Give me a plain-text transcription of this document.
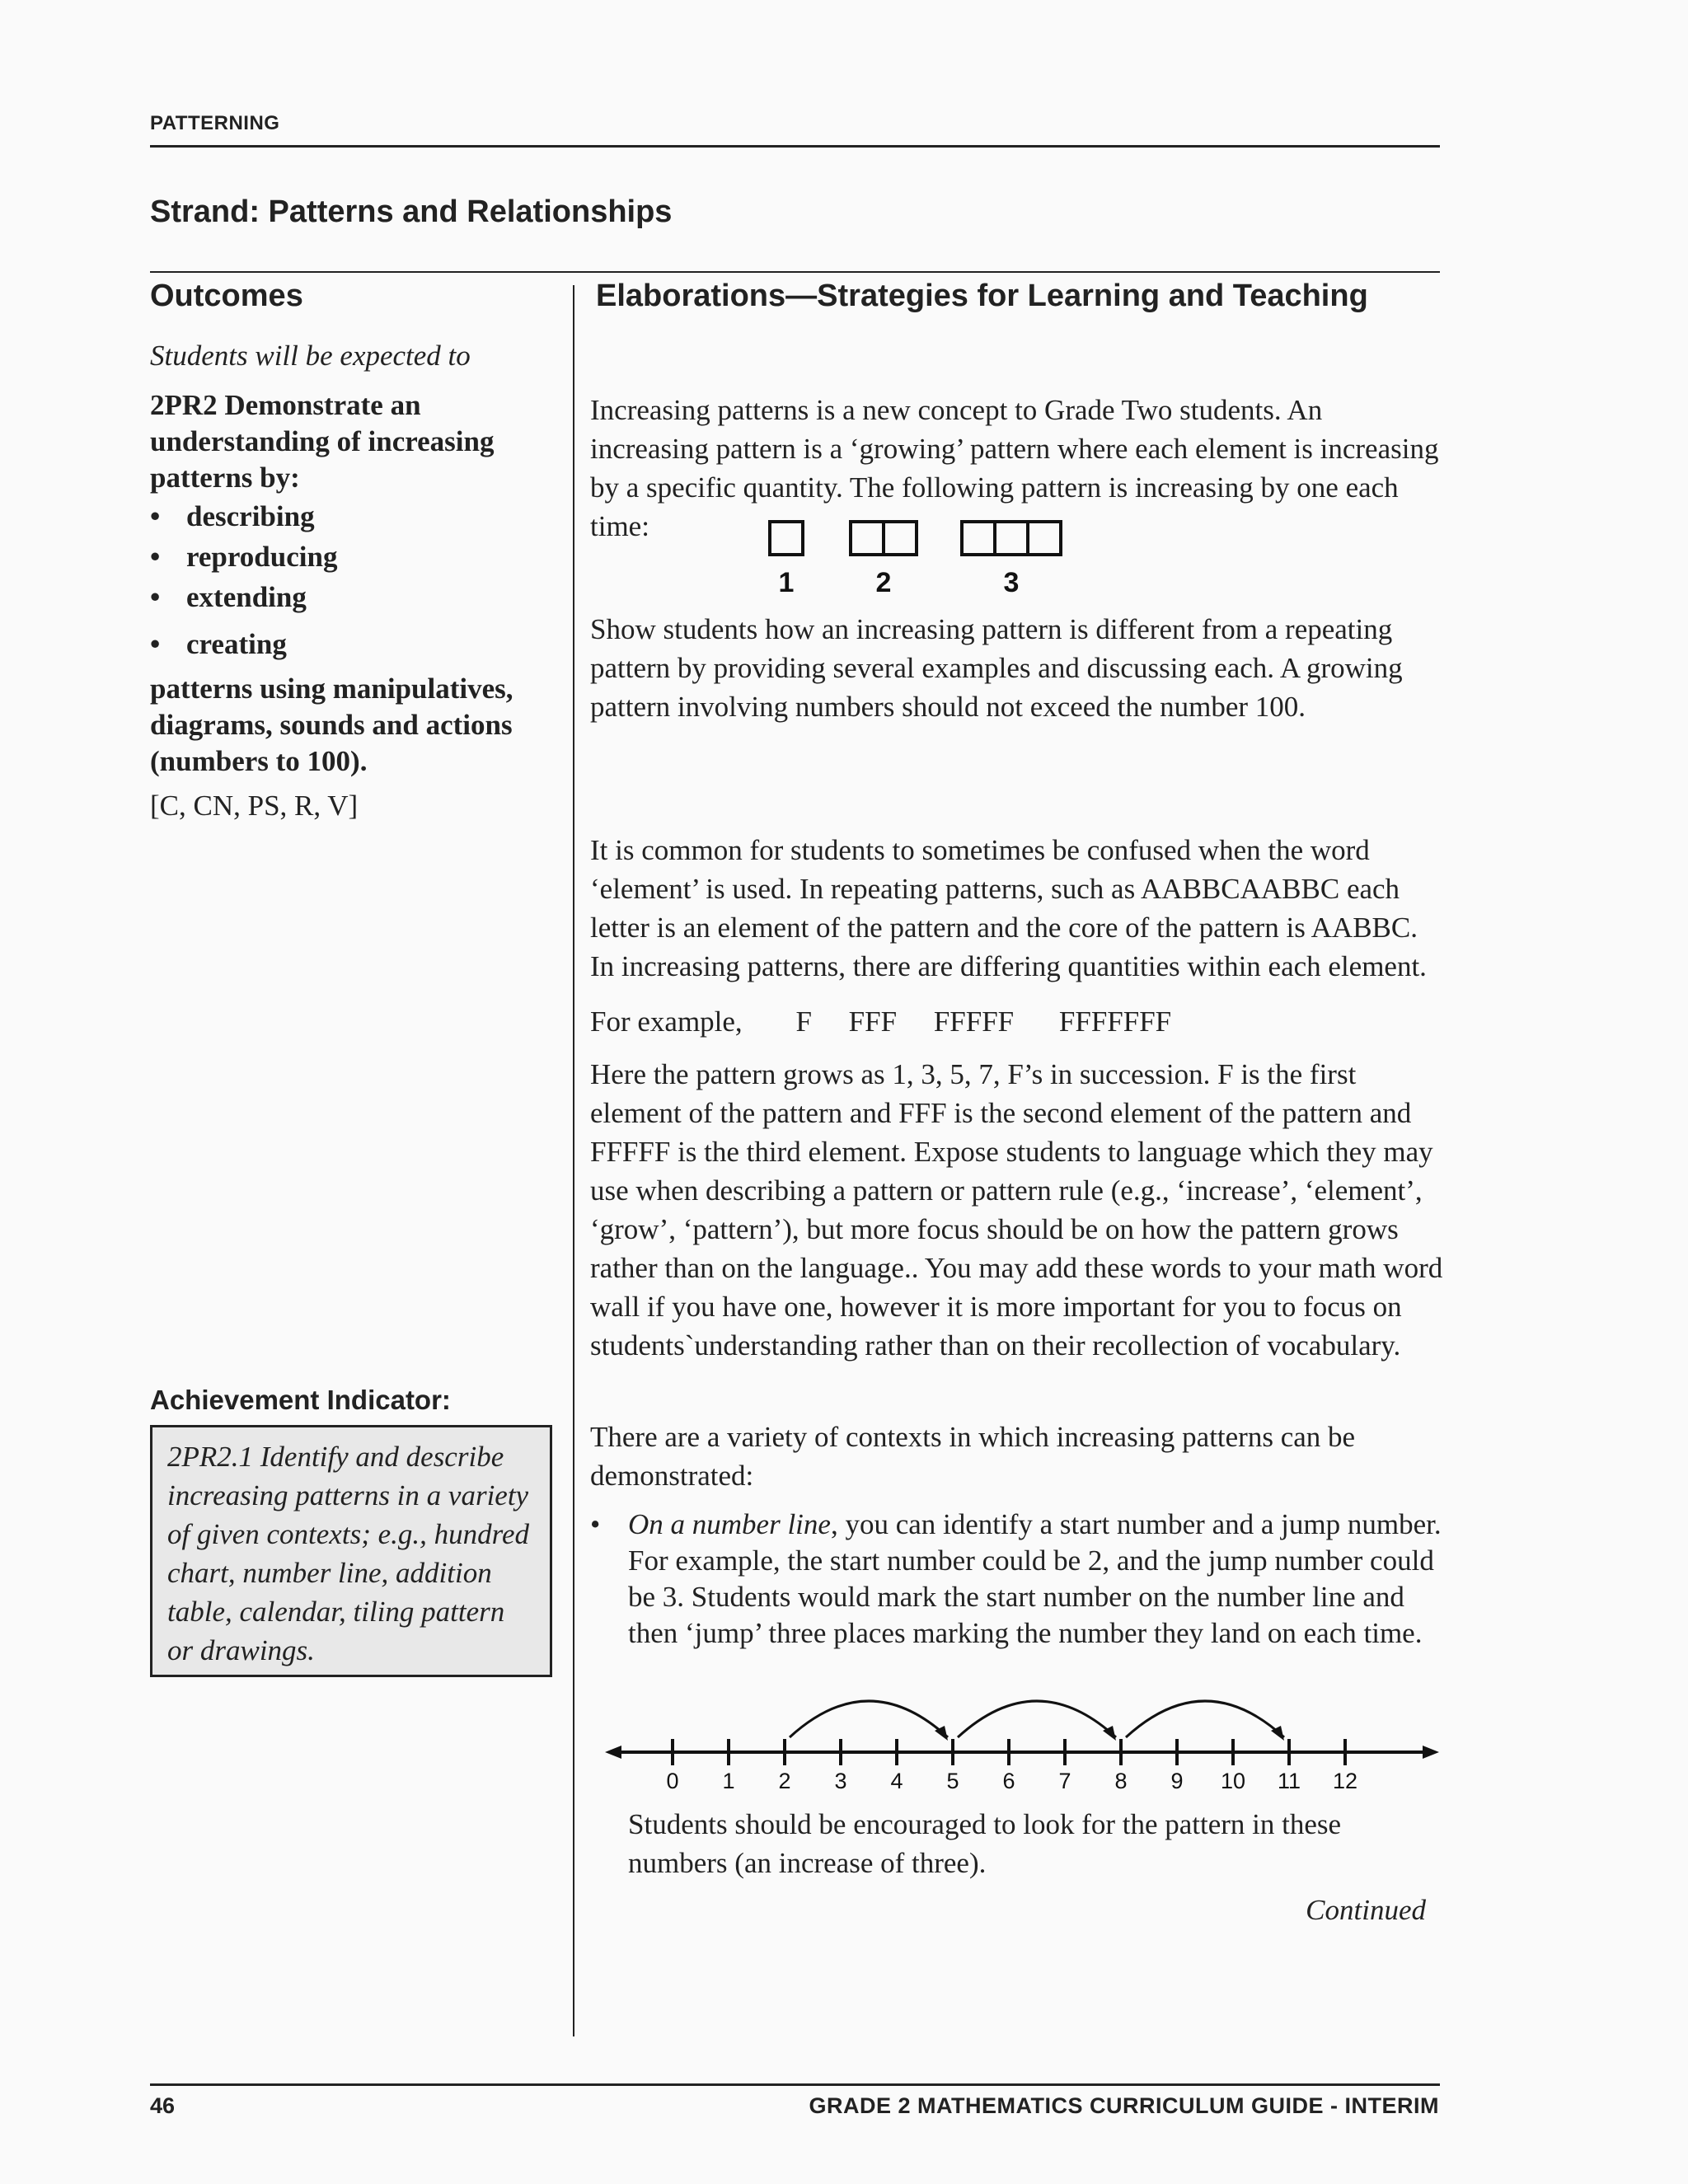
PATTERNING
Strand: Patterns and Relationships
Outcomes	Elaborations—Strategies for Learning and Teaching

Students will be expected to

2PR2 Demonstrate an understanding of increasing patterns by:

• describing
• reproducing
• extending
• creating

patterns using manipulatives, diagrams, sounds and actions (numbers to 100).

[C, CN, PS, R, V]
Achievement Indicator:
2PR2.1 Identify and describe increasing patterns in a variety of given contexts; e.g., hundred chart, number line, addition table, calendar, tiling pattern or drawings.

Increasing patterns is a new concept to Grade Two students. An

increasing pattern is a ‘growing’ pattern where each element is increasing

by a specific quantity. The following pattern is increasing by one each

time:

1	2	3

Show students how an increasing pattern is different from a repeating pattern by providing several examples and discussing each. A growing pattern involving numbers should not exceed the number 100.

It is common for students to sometimes be confused when the word ‘element’ is used. In repeating patterns, such as AABBCAABBC each letter is an element of the pattern and the core of the pattern is AABBC. In increasing patterns, there are differing quantities within each element.

For example, F FFF FFFFF FFFFFFF

Here the pattern grows as 1, 3, 5, 7, F’s in succession. F is the first element of the pattern and FFF is the second element of the pattern and FFFFF is the third element. Expose students to language which they may use when describing a pattern or pattern rule (e.g., ‘increase’, ‘element’, ‘grow’, ‘pattern’), but more focus should be on how the pattern grows rather than on the language.. You may add these words to your math word wall if you have one, however it is more important for you to focus on students`understanding rather than on their recollection of vocabulary.

There are a variety of contexts in which increasing patterns can be demonstrated:

• On a number line, you can identify a start number and a jump number. For example, the start number could be 2, and the jump number could be 3. Students would mark the start number on the number line and then ‘jump’ three places marking the number they land on each time.
0 1 2 3 4 5 6 7 8 9 10 11 12

Students should be encouraged to look for the pattern in these

numbers (an increase of three).

Continued
46	GRADE 2 MATHEMATICS CURRICULUM GUIDE - INTERIM
